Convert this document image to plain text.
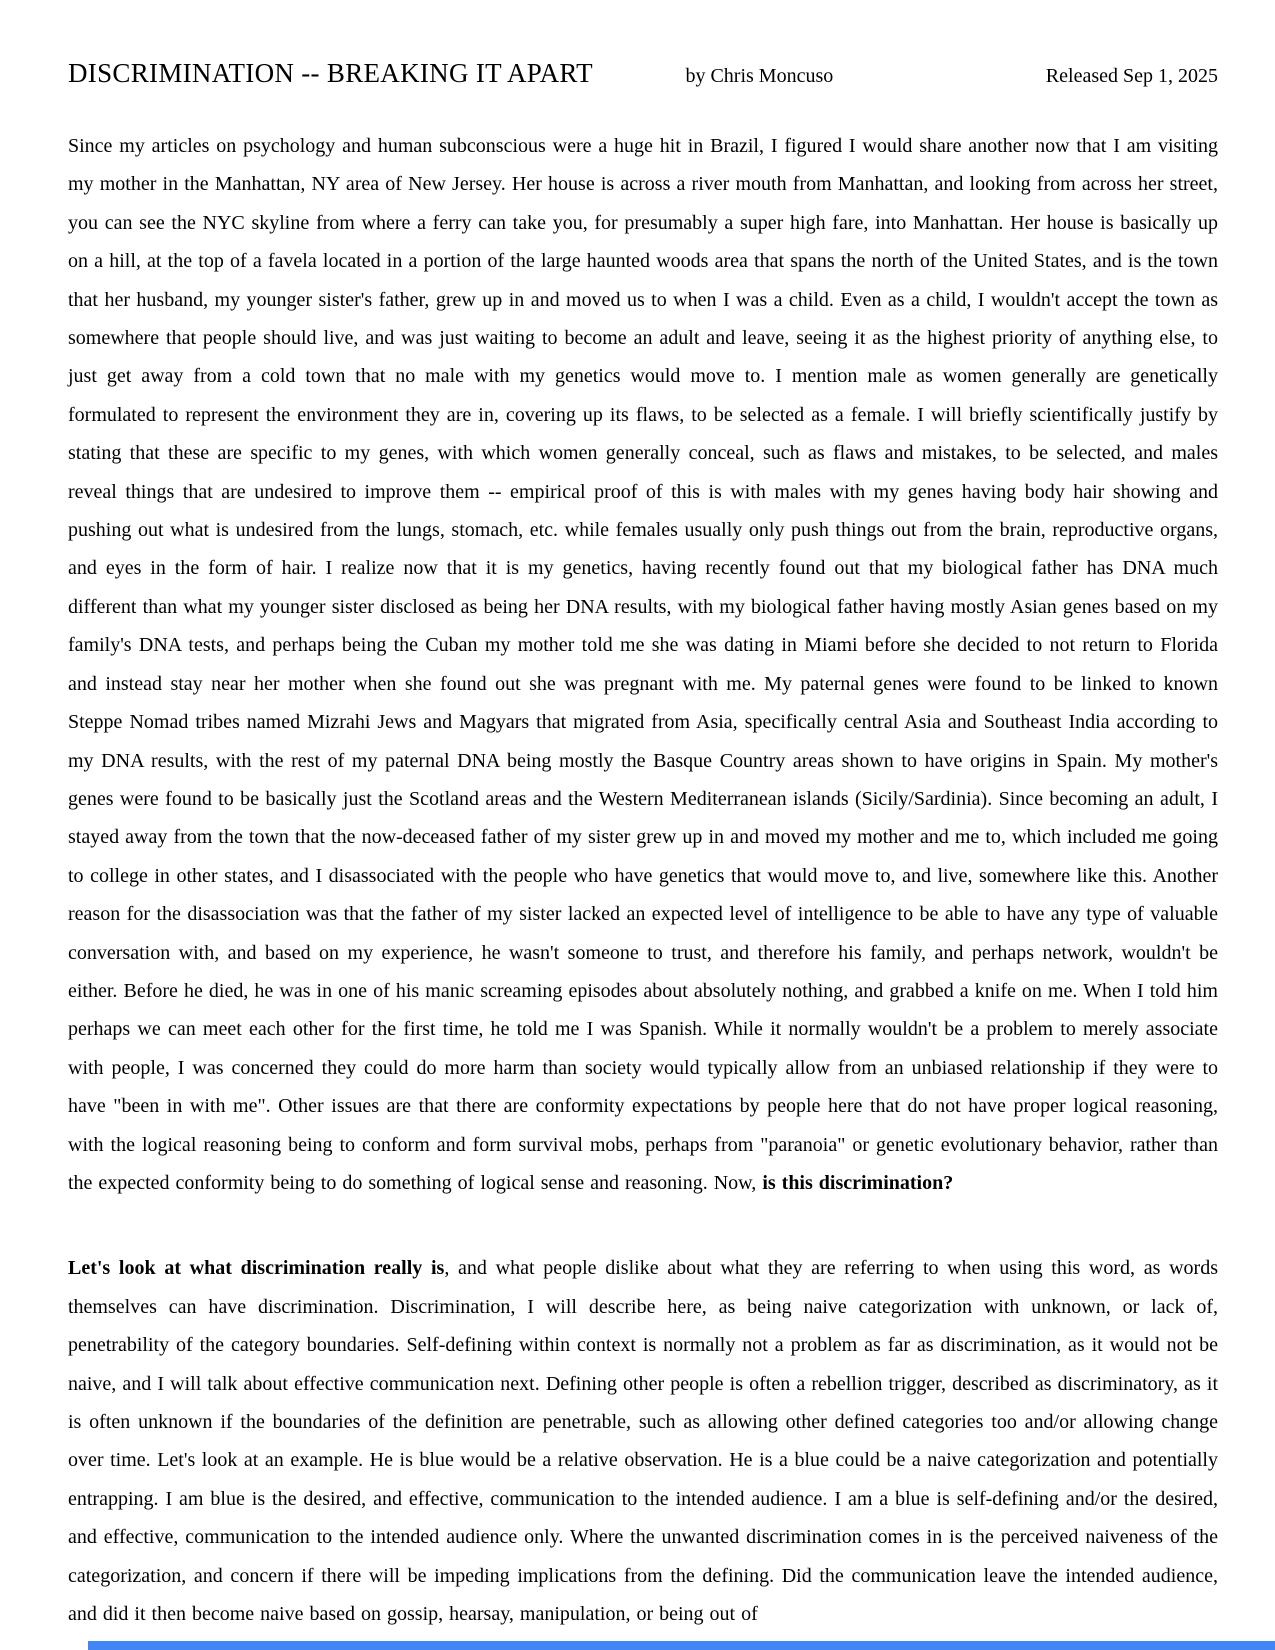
DISCRIMINATION -- BREAKING IT APART	by Chris Moncuso	Released Sep 1, 2025

Since my articles on psychology and human subconscious were a huge hit in Brazil, I figured I would share another now that I am visiting my mother in the Manhattan, NY area of New Jersey. Her house is across a river mouth from Manhattan, and looking from across her street, you can see the NYC skyline from where a ferry can take you, for presumably a super high fare, into Manhattan. Her house is basically up on a hill, at the top of a favela located in a portion of the large haunted woods area that spans the north of the United States, and is the town that her husband, my younger sister's father, grew up in and moved us to when I was a child. Even as a child, I wouldn't accept the town as somewhere that people should live, and was just waiting to become an adult and leave, seeing it as the highest priority of anything else, to just get away from a cold town that no male with my genetics would move to. I mention male as women generally are genetically formulated to represent the environment they are in, covering up its flaws, to be selected as a female. I will briefly scientifically justify by stating that these are specific to my genes, with which women generally conceal, such as flaws and mistakes, to be selected, and males reveal things that are undesired to improve them -- empirical proof of this is with males with my genes having body hair showing and pushing out what is undesired from the lungs, stomach, etc. while females usually only push things out from the brain, reproductive organs, and eyes in the form of hair. I realize now that it is my genetics, having recently found out that my biological father has DNA much different than what my younger sister disclosed as being her DNA results, with my biological father having mostly Asian genes based on my family's DNA tests, and perhaps being the Cuban my mother told me she was dating in Miami before she decided to not return to Florida and instead stay near her mother when she found out she was pregnant with me. My paternal genes were found to be linked to known Steppe Nomad tribes named Mizrahi Jews and Magyars that migrated from Asia, specifically central Asia and Southeast India according to my DNA results, with the rest of my paternal DNA being mostly the Basque Country areas shown to have origins in Spain. My mother's genes were found to be basically just the Scotland areas and the Western Mediterranean islands (Sicily/Sardinia). Since becoming an adult, I stayed away from the town that the now-deceased father of my sister grew up in and moved my mother and me to, which included me going to college in other states, and I disassociated with the people who have genetics that would move to, and live, somewhere like this. Another reason for the disassociation was that the father of my sister lacked an expected level of intelligence to be able to have any type of valuable conversation with, and based on my experience, he wasn't someone to trust, and therefore his family, and perhaps network, wouldn't be either. Before he died, he was in one of his manic screaming episodes about absolutely nothing, and grabbed a knife on me. When I told him perhaps we can meet each other for the first time, he told me I was Spanish. While it normally wouldn't be a problem to merely associate with people, I was concerned they could do more harm than society would typically allow from an unbiased relationship if they were to have "been in with me". Other issues are that there are conformity expectations by people here that do not have proper logical reasoning, with the logical reasoning being to conform and form survival mobs, perhaps from "paranoia" or genetic evolutionary behavior, rather than the expected conformity being to do something of logical sense and reasoning. Now, is this discrimination?

Let's look at what discrimination really is, and what people dislike about what they are referring to when using this word, as words themselves can have discrimination. Discrimination, I will describe here, as being naive categorization with unknown, or lack of, penetrability of the category boundaries. Self-defining within context is normally not a problem as far as discrimination, as it would not be naive, and I will talk about effective communication next. Defining other people is often a rebellion trigger, described as discriminatory, as it is often unknown if the boundaries of the definition are penetrable, such as allowing other defined categories too and/or allowing change over time. Let's look at an example. He is blue would be a relative observation. He is a blue could be a naive categorization and potentially entrapping. I am blue is the desired, and effective, communication to the intended audience. I am a blue is self-defining and/or the desired, and effective, communication to the intended audience only. Where the unwanted discrimination comes in is the perceived naiveness of the categorization, and concern if there will be impeding implications from the defining. Did the communication leave the intended audience, and did it then become naive based on gossip, hearsay, manipulation, or being out of
